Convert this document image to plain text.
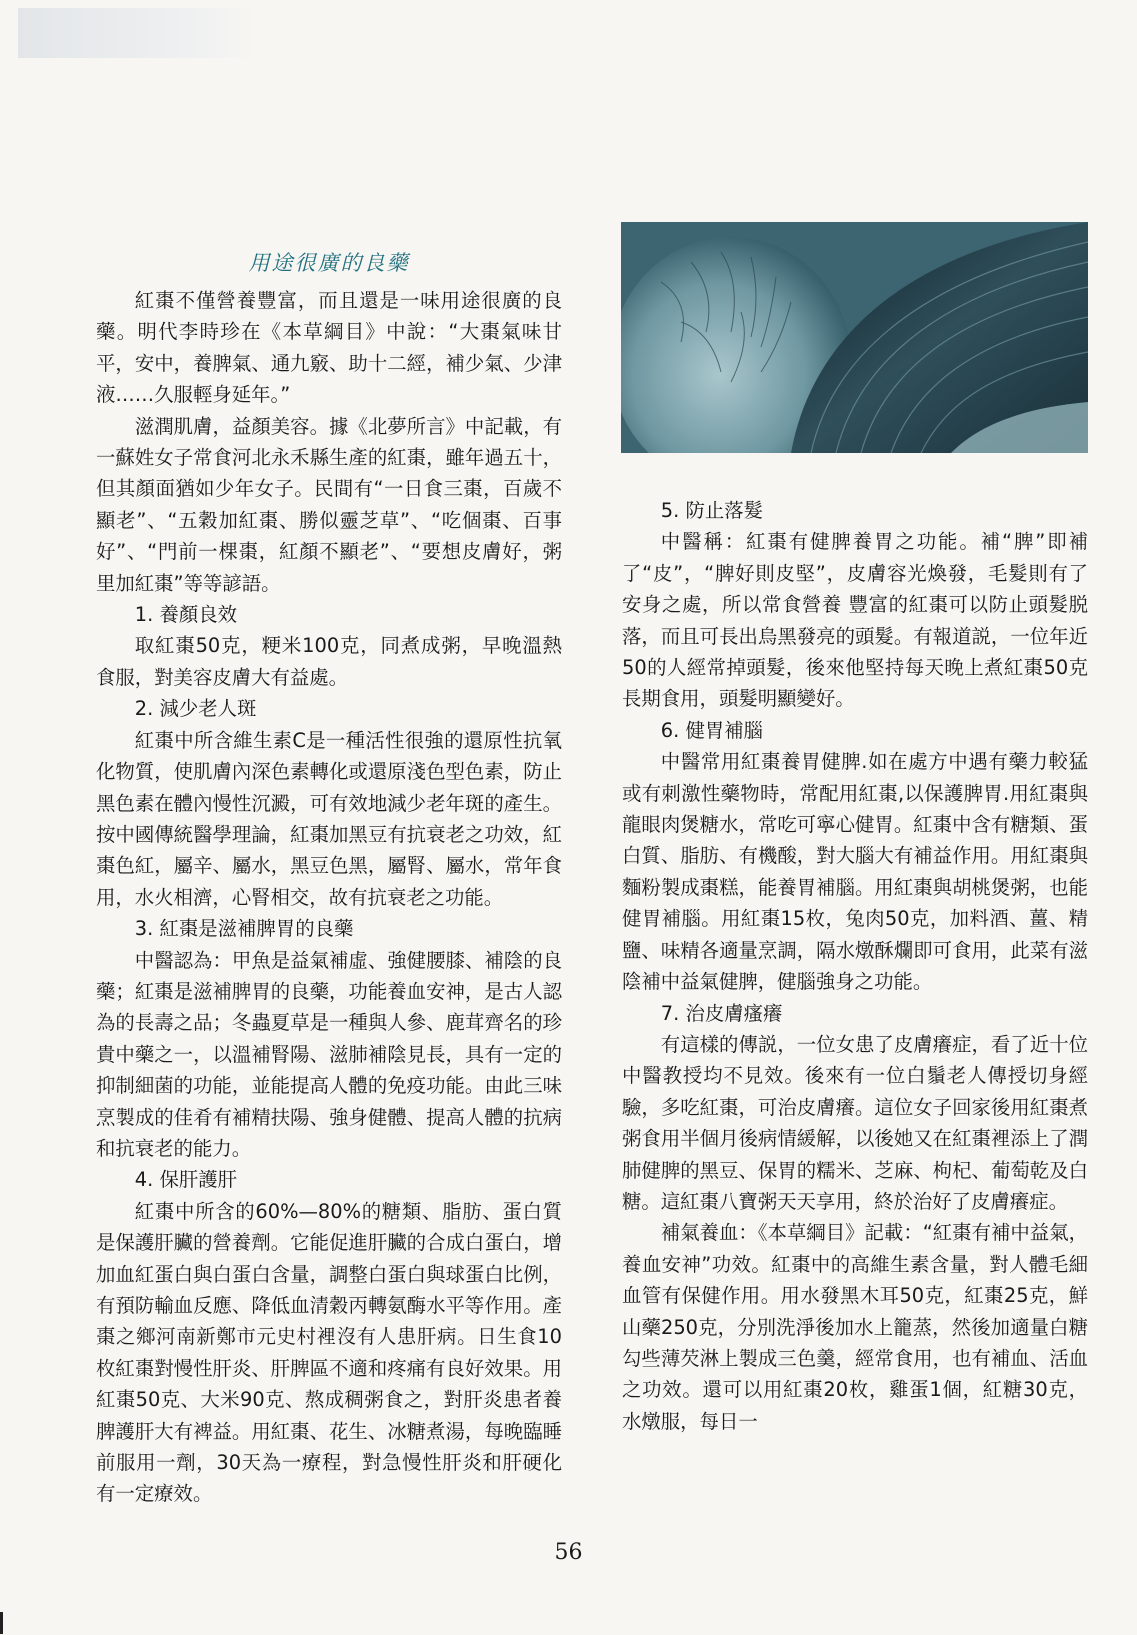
用途很廣的良藥

紅棗不僅營養豐富，而且還是一味用途很廣的良藥。明代李時珍在《本草綱目》中說：“大棗氣味甘平，安中，養脾氣、通九竅、助十二經，補少氣、少津液……久服輕身延年。”

滋潤肌膚，益顏美容。據《北夢所言》中記載，有一蘇姓女子常食河北永禾縣生產的紅棗，雖年過五十，但其顏面猶如少年女子。民間有“一日食三棗，百歲不顯老”、“五穀加紅棗、勝似靈芝草”、“吃個棗、百事好”、“門前一棵棗，紅顏不顯老”、“要想皮膚好，粥里加紅棗”等等諺語。

1. 養顏良效

取紅棗50克，粳米100克，同煮成粥，早晚溫熱食服，對美容皮膚大有益處。

2. 減少老人斑

紅棗中所含維生素C是一種活性很強的還原性抗氧化物質，使肌膚內深色素轉化或還原淺色型色素，防止黑色素在體內慢性沉澱，可有效地減少老年斑的產生。按中國傳統醫學理論，紅棗加黑豆有抗衰老之功效，紅棗色紅，屬辛、屬水，黑豆色黑，屬腎、屬水，常年食用，水火相濟，心腎相交，故有抗衰老之功能。

3. 紅棗是滋補脾胃的良藥

中醫認為：甲魚是益氣補虛、強健腰膝、補陰的良藥；紅棗是滋補脾胃的良藥，功能養血安神，是古人認為的長壽之品；冬蟲夏草是一種與人參、鹿茸齊名的珍貴中藥之一，以溫補腎陽、滋肺補陰見長，具有一定的抑制細菌的功能，並能提高人體的免疫功能。由此三味烹製成的佳肴有補精扶陽、強身健體、提高人體的抗病和抗衰老的能力。

4. 保肝護肝

紅棗中所含的60%—80%的糖類、脂肪、蛋白質是保護肝臟的營養劑。它能促進肝臟的合成白蛋白，增加血紅蛋白與白蛋白含量，調整白蛋白與球蛋白比例，有預防輸血反應、降低血清穀丙轉氨酶水平等作用。產棗之鄉河南新鄭市元史村裡沒有人患肝病。日生食10枚紅棗對慢性肝炎、肝脾區不適和疼痛有良好效果。用紅棗50克、大米90克、熬成稠粥食之，對肝炎患者養脾護肝大有裨益。用紅棗、花生、冰糖煮湯，每晚臨睡前服用一劑，30天為一療程，對急慢性肝炎和肝硬化有一定療效。

5. 防止落髮

中醫稱：紅棗有健脾養胃之功能。補“脾”即補了“皮”，“脾好則皮堅”，皮膚容光煥發，毛髮則有了安身之處，所以常食營養 豐富的紅棗可以防止頭髮脱落，而且可長出烏黑發亮的頭髮。有報道説，一位年近50的人經常掉頭髮，後來他堅持每天晚上煮紅棗50克長期食用，頭髮明顯變好。

6. 健胃補腦

中醫常用紅棗養胃健脾.如在處方中遇有藥力較猛或有刺激性藥物時，常配用紅棗,以保護脾胃.用紅棗與龍眼肉煲糖水，常吃可寧心健胃。紅棗中含有糖類、蛋白質、脂肪、有機酸，對大腦大有補益作用。用紅棗與麵粉製成棗糕，能養胃補腦。用紅棗與胡桃煲粥，也能健胃補腦。用紅棗15枚，兔肉50克，加料酒、薑、精鹽、味精各適量烹調，隔水燉酥爛即可食用，此菜有滋陰補中益氣健脾，健腦強身之功能。

7. 治皮膚瘙癢

有這樣的傳説，一位女患了皮膚癢症，看了近十位中醫教授均不見效。後來有一位白鬚老人傳授切身經驗，多吃紅棗，可治皮膚癢。這位女子回家後用紅棗煮粥食用半個月後病情緩解，以後她又在紅棗裡添上了潤肺健脾的黑豆、保胃的糯米、芝麻、枸杞、葡萄乾及白糖。這紅棗八寶粥天天享用，終於治好了皮膚癢症。

補氣養血：《本草綱目》記載：“紅棗有補中益氣，養血安神”功效。紅棗中的高維生素含量，對人體毛細血管有保健作用。用水發黑木耳50克，紅棗25克，鮮山藥250克，分別洗淨後加水上籠蒸，然後加適量白糖勾些薄芡淋上製成三色羹，經常食用，也有補血、活血之功效。還可以用紅棗20枚，雞蛋1個，紅糖30克，水燉服，每日一

56
